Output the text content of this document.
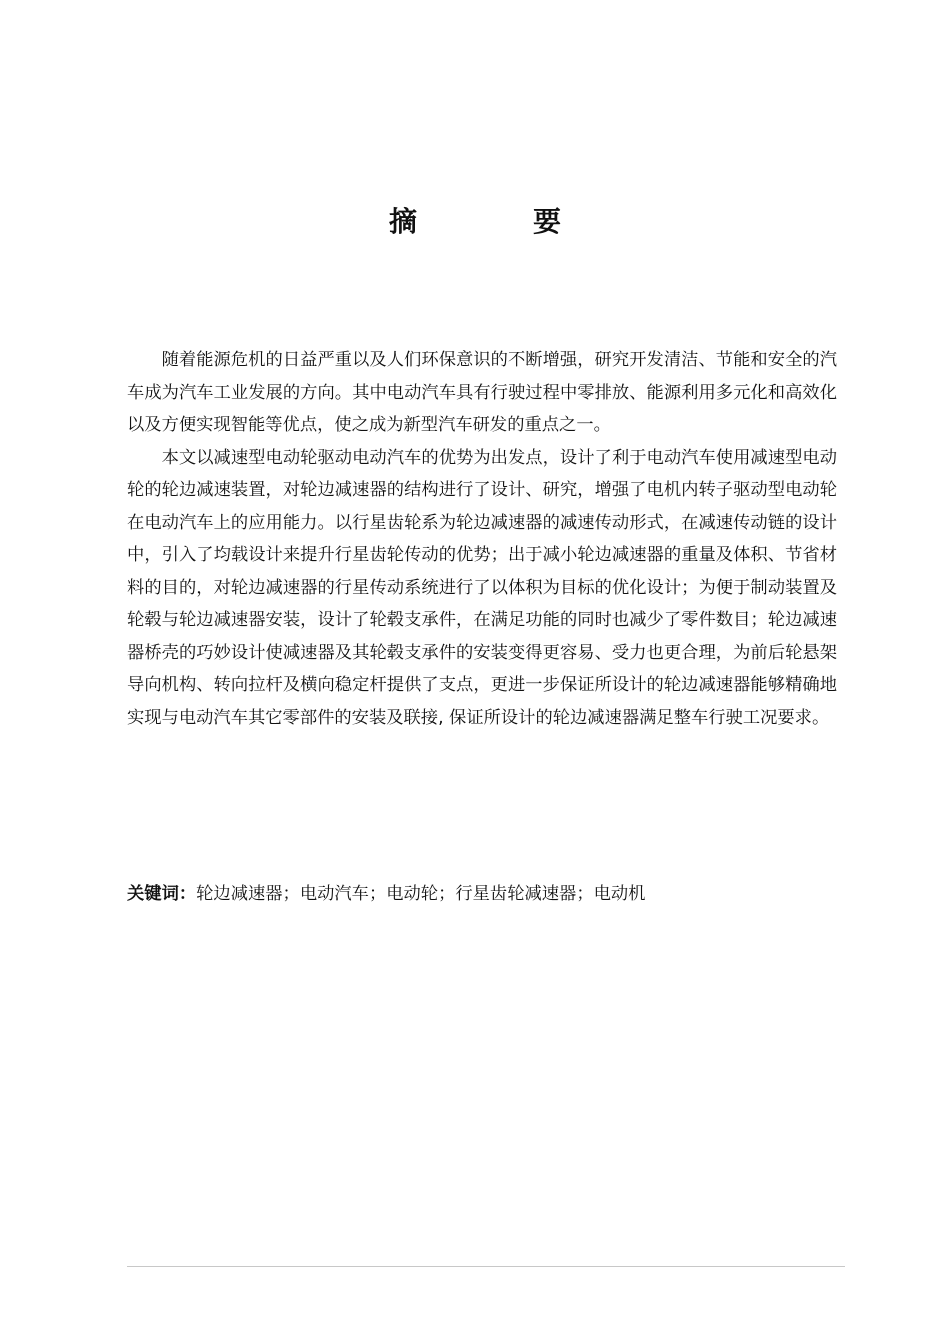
摘　要

随着能源危机的日益严重以及人们环保意识的不断增强，研究开发清洁、节能和安全的汽车成为汽车工业发展的方向。其中电动汽车具有行驶过程中零排放、能源利用多元化和高效化以及方便实现智能等优点，使之成为新型汽车研发的重点之一。

本文以减速型电动轮驱动电动汽车的优势为出发点，设计了利于电动汽车使用减速型电动轮的轮边减速装置，对轮边减速器的结构进行了设计、研究，增强了电机内转子驱动型电动轮在电动汽车上的应用能力。以行星齿轮系为轮边减速器的减速传动形式，在减速传动链的设计中，引入了均载设计来提升行星齿轮传动的优势；出于减小轮边减速器的重量及体积、节省材料的目的，对轮边减速器的行星传动系统进行了以体积为目标的优化设计；为便于制动装置及轮毂与轮边减速器安装，设计了轮毂支承件，在满足功能的同时也减少了零件数目；轮边减速器桥壳的巧妙设计使减速器及其轮毂支承件的安装变得更容易、受力也更合理，为前后轮悬架导向机构、转向拉杆及横向稳定杆提供了支点，更进一步保证所设计的轮边减速器能够精确地实现与电动汽车其它零部件的安装及联接, 保证所设计的轮边减速器满足整车行驶工况要求。

关键词：轮边减速器；电动汽车；电动轮；行星齿轮减速器；电动机
